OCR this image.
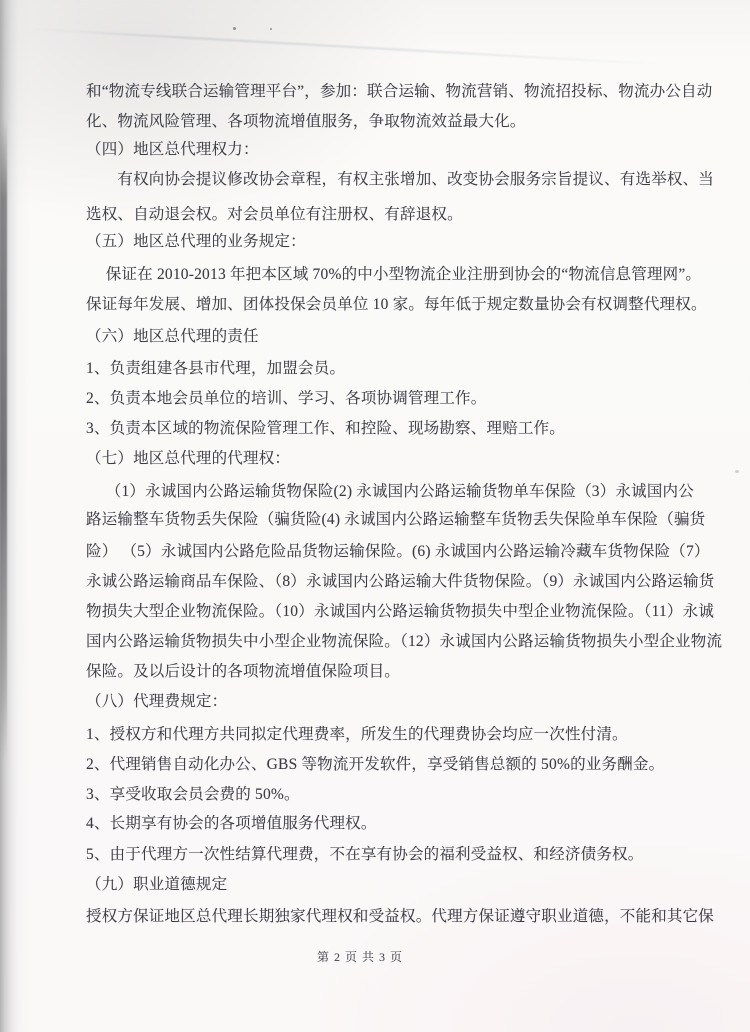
和“物流专线联合运输管理平台”，参加：联合运输、物流营销、物流招投标、物流办公自动
化、物流风险管理、各项物流增值服务，争取物流效益最大化。
（四）地区总代理权力：
　　有权向协会提议修改协会章程，有权主张增加、改变协会服务宗旨提议、有选举权、当
选权、自动退会权。对会员单位有注册权、有辞退权。
（五）地区总代理的业务规定：
　 保证在 2010-2013 年把本区域 70%的中小型物流企业注册到协会的“物流信息管理网”。
保证每年发展、增加、团体投保会员单位 10 家。每年低于规定数量协会有权调整代理权。
（六）地区总代理的责任
1、负责组建各县市代理，加盟会员。
2、负责本地会员单位的培训、学习、各项协调管理工作。
3、负责本区域的物流保险管理工作、和控险、现场勘察、理赔工作。
（七）地区总代理的代理权：
　 （1）永诚国内公路运输货物保险(2) 永诚国内公路运输货物单车保险（3）永诚国内公
路运输整车货物丢失保险（骗货险(4) 永诚国内公路运输整车货物丢失保险单车保险（骗货
险） （5）永诚国内公路危险品货物运输保险。(6) 永诚国内公路运输冷藏车货物保险（7）
永诚公路运输商品车保险、（8）永诚国内公路运输大件货物保险。（9）永诚国内公路运输货
物损失大型企业物流保险。（10）永诚国内公路运输货物损失中型企业物流保险。（11）永诚
国内公路运输货物损失中小型企业物流保险。（12）永诚国内公路运输货物损失小型企业物流
保险。及以后设计的各项物流增值保险项目。
（八）代理费规定：
1、授权方和代理方共同拟定代理费率，所发生的代理费协会均应一次性付清。
2、代理销售自动化办公、GBS 等物流开发软件，享受销售总额的 50%的业务酬金。
3、享受收取会员会费的 50%。
4、长期享有协会的各项增值服务代理权。
5、由于代理方一次性结算代理费，不在享有协会的福利受益权、和经济债务权。
（九）职业道德规定
授权方保证地区总代理长期独家代理权和受益权。代理方保证遵守职业道德，不能和其它保
第 2 页 共 3 页
